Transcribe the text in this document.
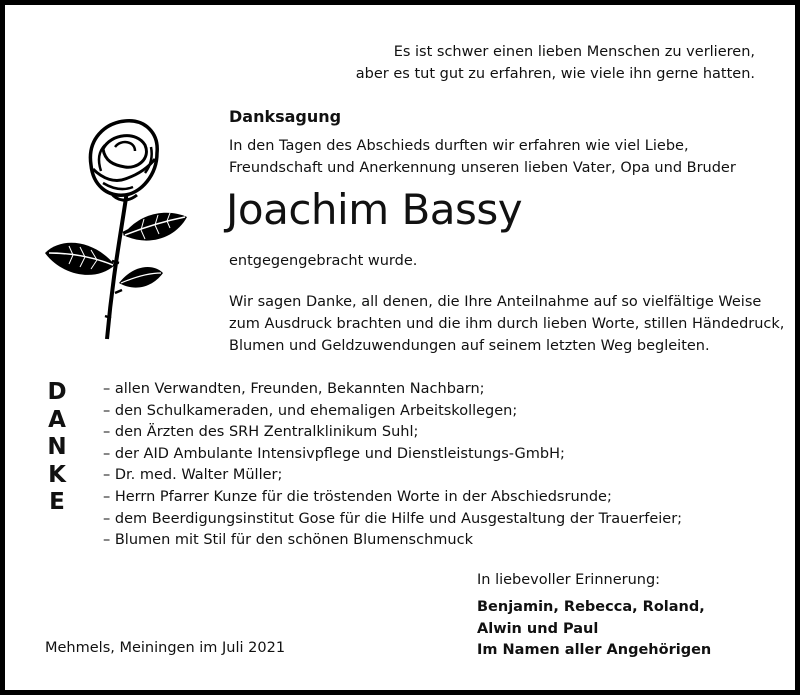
Es ist schwer einen lieben Menschen zu verlieren,
aber es tut gut zu erfahren, wie viele ihn gerne hatten.
Danksagung
In den Tagen des Abschieds durften wir erfahren wie viel Liebe,
Freundschaft und Anerkennung unseren lieben Vater, Opa und Bruder
Joachim Bassy
entgegengebracht wurde.
Wir sagen Danke, all denen, die Ihre Anteilnahme auf so vielfältige Weise
zum Ausdruck brachten und die ihm durch lieben Worte, stillen Händedruck,
Blumen und Geldzuwendungen auf seinem letzten Weg begleiten.
D
A
N
K
E
– allen Verwandten, Freunden, Bekannten Nachbarn;
– den Schulkameraden, und ehemaligen Arbeitskollegen;
– den Ärzten des SRH Zentralklinikum Suhl;
– der AID Ambulante Intensivpflege und Dienstleistungs-GmbH;
– Dr. med. Walter Müller;
– Herrn Pfarrer Kunze für die tröstenden Worte in der Abschiedsrunde;
– dem Beerdigungsinstitut Gose für die Hilfe und Ausgestaltung der Trauerfeier;
– Blumen mit Stil für den schönen Blumenschmuck
In liebevoller Erinnerung:
Benjamin, Rebecca, Roland,
Alwin und Paul
Im Namen aller Angehörigen
Mehmels, Meiningen im Juli 2021
